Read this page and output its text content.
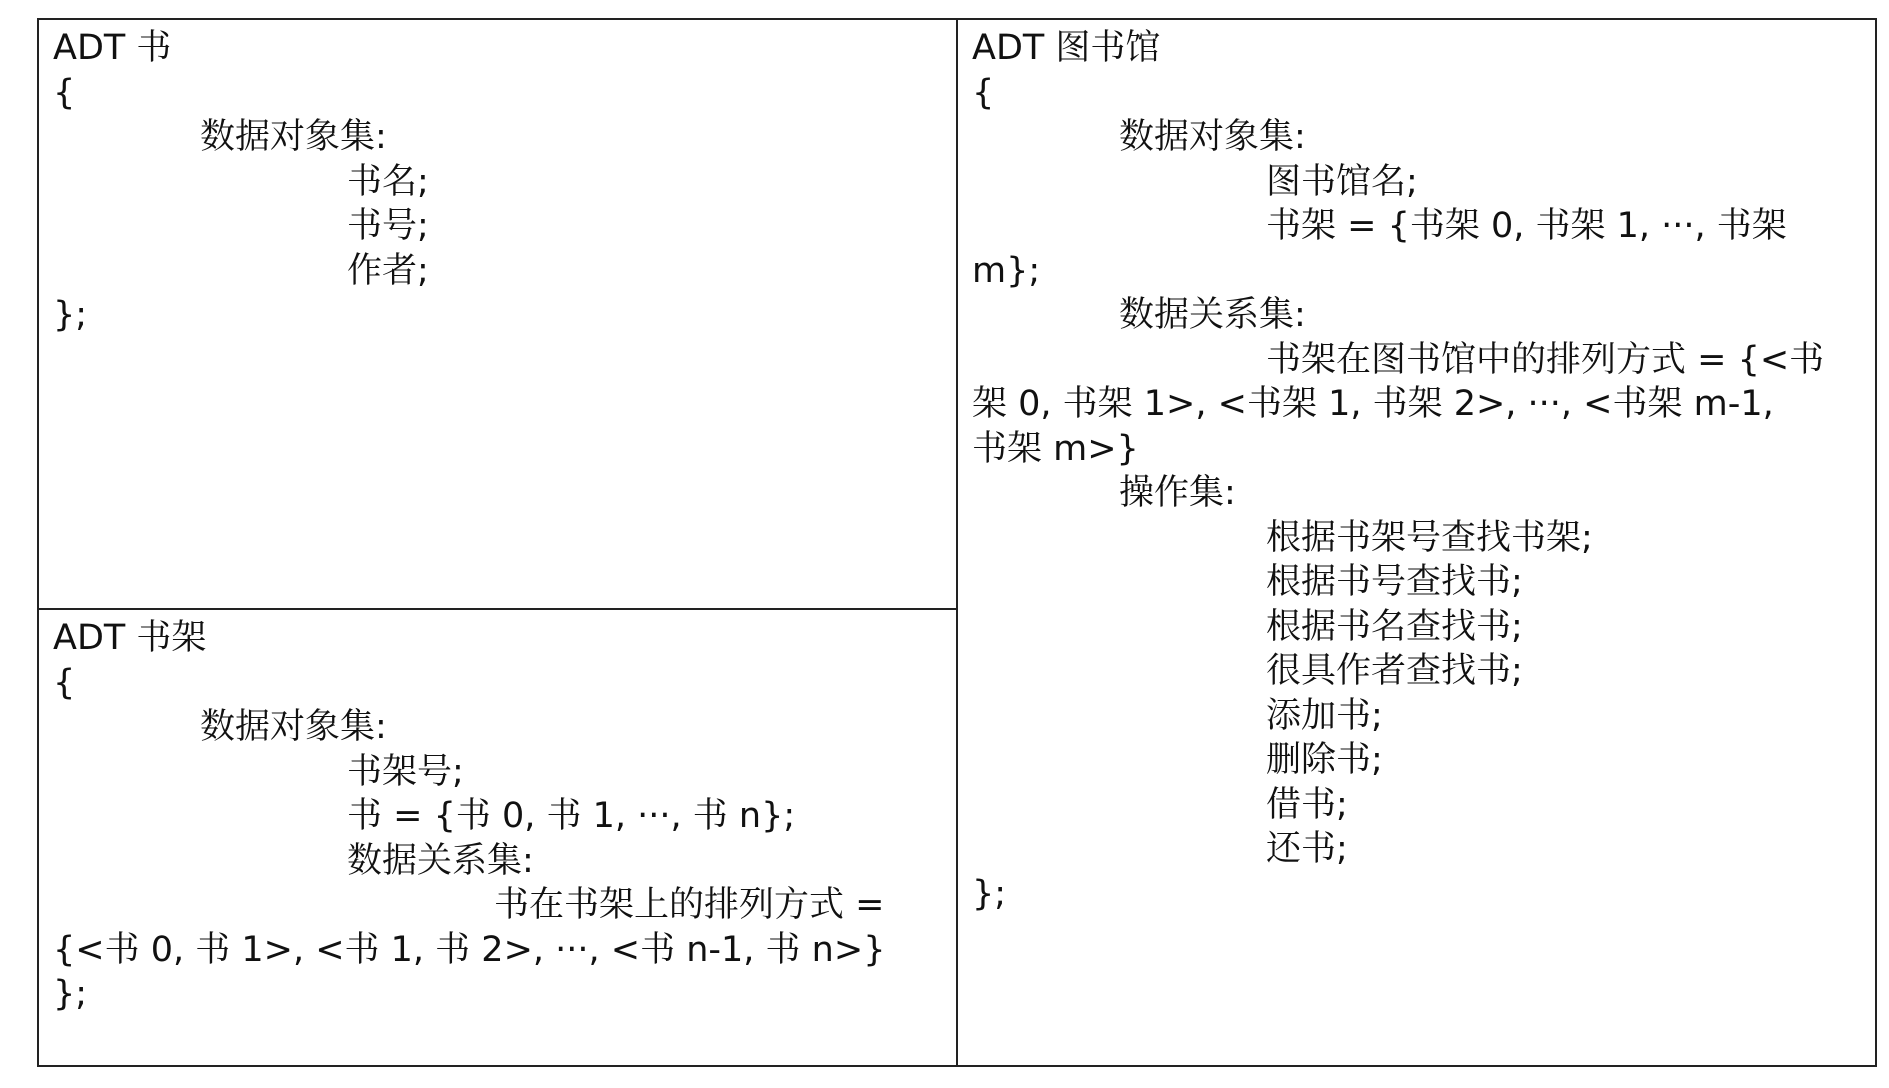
ADT 书
{
数据对象集:
书名;
书号;
作者;
};

ADT 图书馆
{
数据对象集:
图书馆名;
书架 = {书架 0, 书架 1, ···, 书架
m};
数据关系集:
书架在图书馆中的排列方式 = {<书
架 0, 书架 1>, <书架 1, 书架 2>, ···, <书架 m-1,
书架 m>}
操作集:
根据书架号查找书架;
根据书号查找书;
根据书名查找书;
很具作者查找书;
添加书;
删除书;
借书;
还书;
};

ADT 书架
{
数据对象集:
书架号;
书 = {书 0, 书 1, ···, 书 n};
数据关系集:
书在书架上的排列方式 =
{<书 0, 书 1>, <书 1, 书 2>, ···, <书 n-1, 书 n>}
};
